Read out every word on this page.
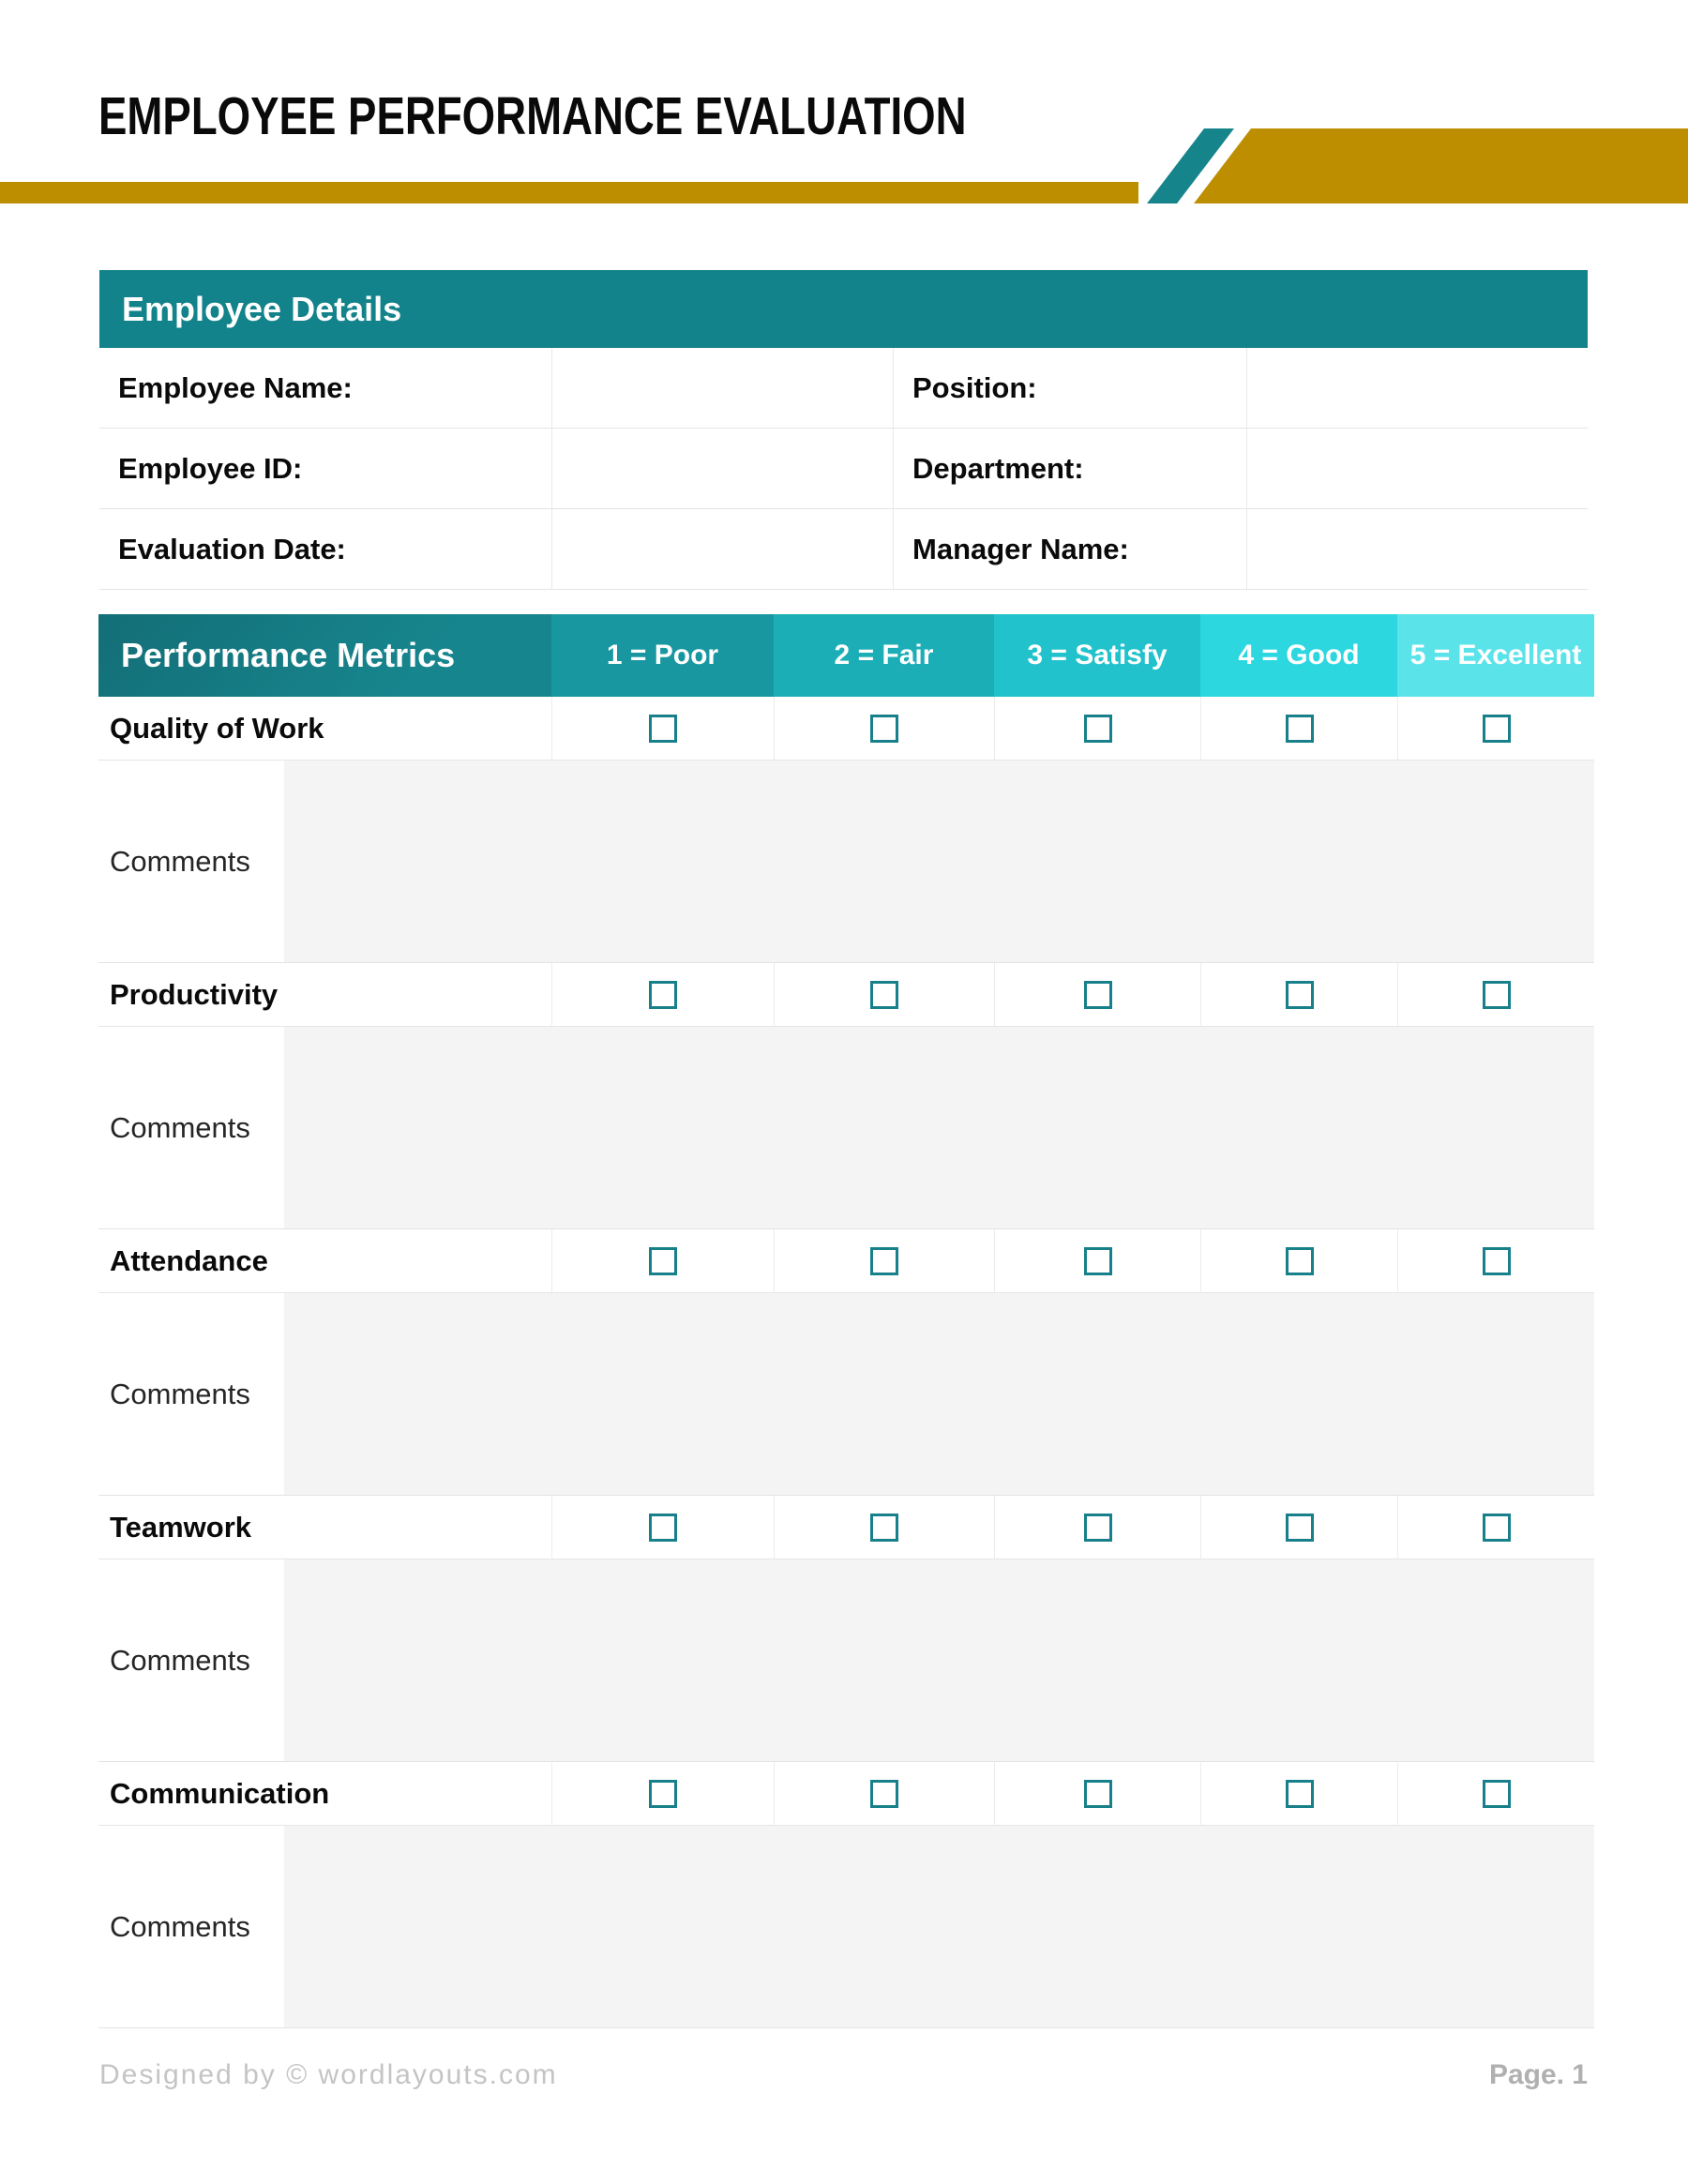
EMPLOYEE PERFORMANCE EVALUATION
Employee Details
Employee Name:	Position:
Employee ID:	Department:
Evaluation Date:	Manager Name:
Performance Metrics	1 = Poor	2 = Fair	3 = Satisfy	4 = Good	5 = Excellent
Quality of Work
Comments
Productivity
Comments
Attendance
Comments
Teamwork
Comments
Communication
Comments
Designed by © wordlayouts.com	Page. 1
